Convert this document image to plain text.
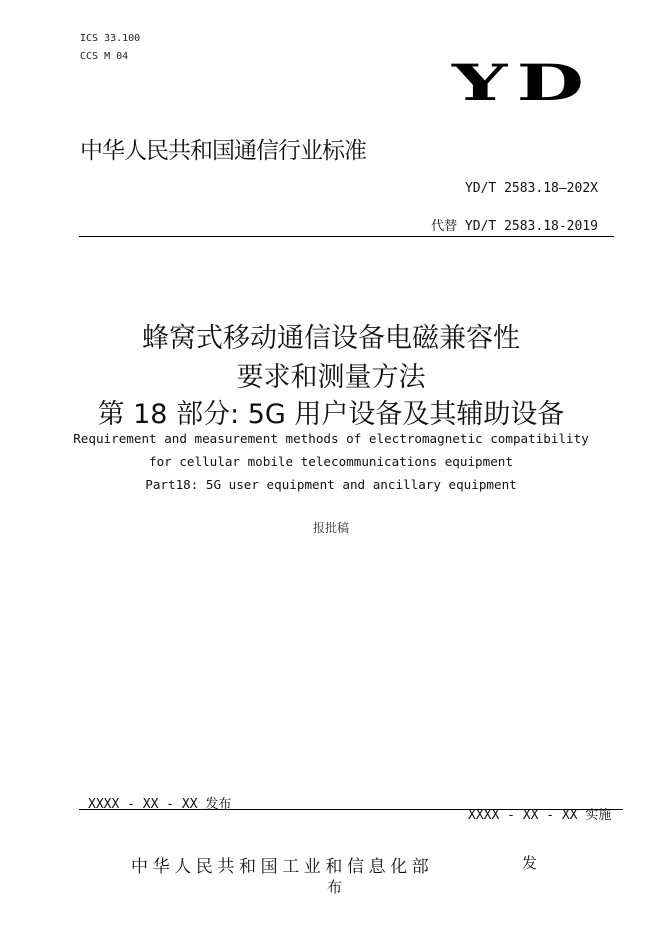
ICS 33.100
CCS M 04	YD
中华人民共和国通信行业标准
YD/T 2583.18—202X
代替 YD/T 2583.18-2019
蜂窝式移动通信设备电磁兼容性
要求和测量方法
第 18 部分: 5G 用户设备及其辅助设备
Requirement and measurement methods of electromagnetic compatibility
for cellular mobile telecommunications equipment
Part18: 5G user equipment and ancillary equipment
报批稿
XXXX - XX - XX 发布
XXXX - XX - XX 实施
中华人民共和国工业和信息化部	发
布
